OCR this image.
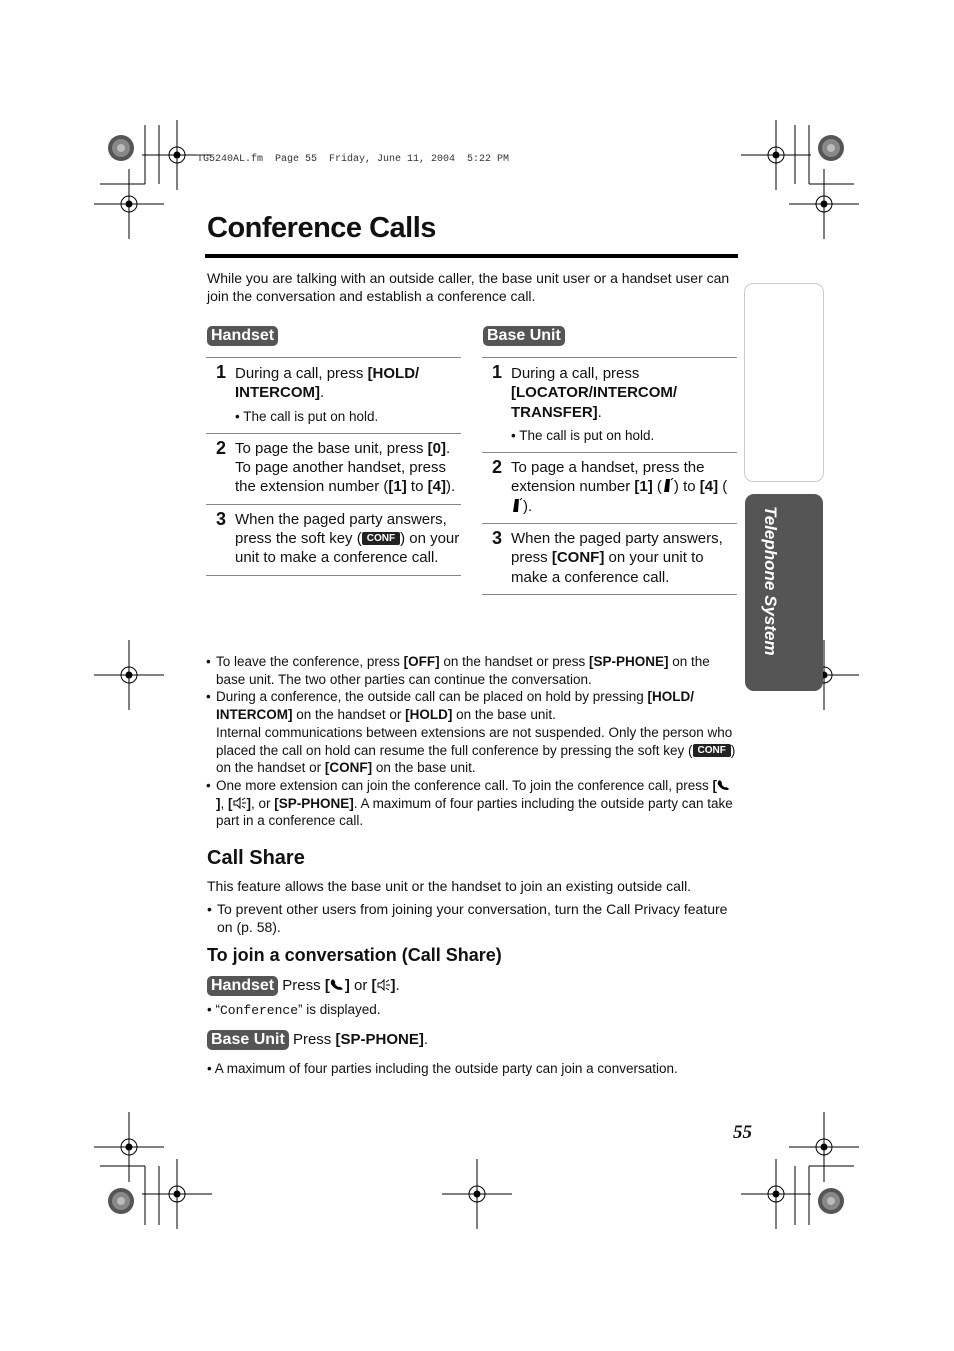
TG5240AL.fm  Page 55  Friday, June 11, 2004  5:22 PM
Conference Calls
While you are talking with an outside caller, the base unit user or a handset user can join the conversation and establish a conference call.
Telephone System
Handset
1 During a call, press [HOLD/ INTERCOM].
• The call is put on hold.
2 To page the base unit, press [0].
To page another handset, press the extension number ([1] to [4]).
3 When the paged party answers, press the soft key ( CONF ) on your unit to make a conference call.
Base Unit
1 During a call, press [LOCATOR/INTERCOM/ TRANSFER].
• The call is put on hold.
2 To page a handset, press the extension number [1] ( ) to [4] ().
3 When the paged party answers, press [CONF] on your unit to make a conference call.
• To leave the conference, press [OFF] on the handset or press [SP-PHONE] on the base unit. The two other parties can continue the conversation.
• During a conference, the outside call can be placed on hold by pressing [HOLD/ INTERCOM] on the handset or [HOLD] on the base unit.
Internal communications between extensions are not suspended. Only the person who placed the call on hold can resume the full conference by pressing the soft key ( CONF ) on the handset or [CONF] on the base unit.
• One more extension can join the conference call. To join the conference call, press [], [ ], or [SP-PHONE]. A maximum of four parties including the outside party can take part in a conference call.
Call Share
This feature allows the base unit or the handset to join an existing outside call.
• To prevent other users from joining your conversation, turn the Call Privacy feature on (p. 58).
To join a conversation (Call Share)
Handset Press [ ] or [ ].
• “Conference” is displayed.
Base Unit Press [SP-PHONE].
• A maximum of four parties including the outside party can join a conversation.
55
